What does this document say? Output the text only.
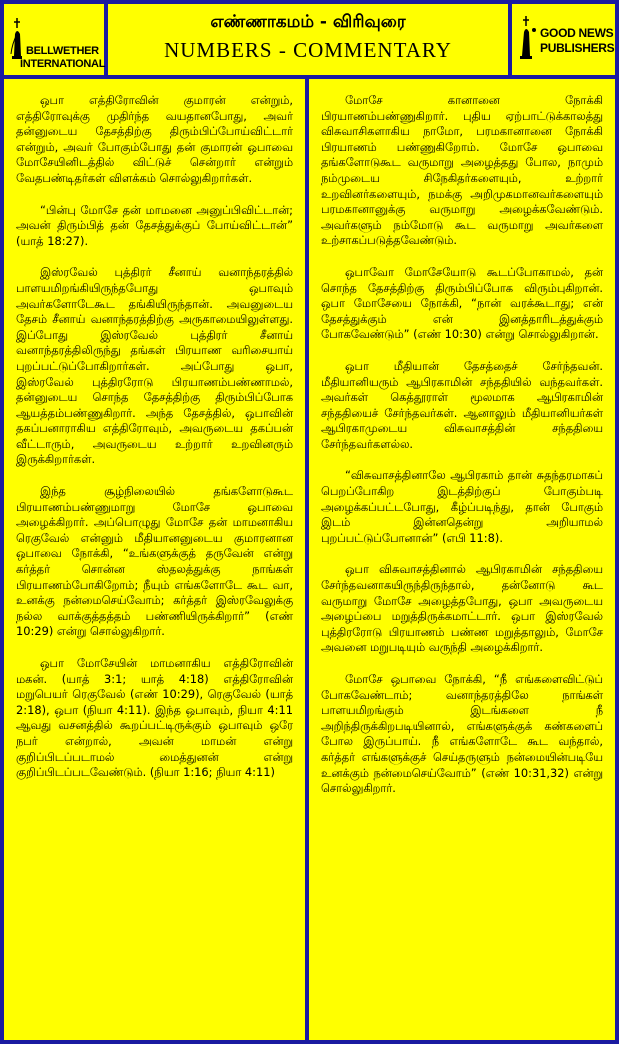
BELLWETHER
INTERNATIONAL
எண்ணாகமம் - விரிவுரை
NUMBERS - COMMENTARY
GOOD NEWS
PUBLISHERS

ஒபா எத்திரோவின் குமாரன் என்றும், எத்திரோவுக்கு முதிர்ந்த வயதானபோது, அவர் தன்னுடைய தேசத்திற்கு திரும்பிப்போய்விட்டார் என்றும், அவர் போகும்போது தன் குமாரன் ஒபாவை மோசேயினிடத்தில் விட்டுச் சென்றார் என்றும் வேதபண்டிதர்கள் விளக்கம் சொல்லுகிறார்கள்.

“பின்பு மோசே தன் மாமனை அனுப்பிவிட்டான்; அவன் திரும்பித் தன் தேசத்துக்குப் போய்விட்டான்” (யாத் 18:27).

இஸ்ரவேல் புத்திரர் சீனாய் வனாந்தரத்தில் பாளயமிறங்கியிருந்தபோது ஒபாவும் அவர்களோடேகூட தங்கியிருந்தான். அவனுடைய தேசம் சீனாய் வனாந்தரத்திற்கு அருகாமையிலுள்ளது. இப்போது இஸ்ரவேல் புத்திரர் சீனாய் வனாந்தரத்திலிருந்து தங்கள் பிரயாண வரிசையாய் புறப்பட்டுப்போகிறார்கள். அப்போது ஒபா, இஸ்ரவேல் புத்திரரோடு பிரயாணம்பண்ணாமல், தன்னுடைய சொந்த தேசத்திற்கு திரும்பிப்போக ஆயத்தம்பண்ணுகிறார். அந்த தேசத்தில், ஒபாவின் தகப்பனாராகிய எத்திரோவும், அவருடைய தகப்பன் வீட்டாரும், அவருடைய உற்றார் உறவினரும் இருக்கிறார்கள்.

இந்த சூழ்நிலையில் தங்களோடுகூட பிரயாணம்பண்ணுமாறு மோசே ஒபாவை அழைக்கிறார். அப்பொழுது மோசே தன் மாமனாகிய ரெகுவேல் என்னும் மீதியானனுடைய குமாரனான ஒபாவை நோக்கி, “உங்களுக்குத் தருவேன் என்று கர்த்தர் சொன்ன ஸ்தலத்துக்கு நாங்கள் பிரயாணம்போகிறோம்; நீயும் எங்களோடே கூட வா, உனக்கு நன்மைசெய்வோம்; கர்த்தர் இஸ்ரவேலுக்கு நல்ல வாக்குத்தத்தம் பண்ணியிருக்கிறார்” (எண் 10:29) என்று சொல்லுகிறார்.

ஒபா மோசேயின் மாமனாகிய எத்திரோவின் மகன். (யாத் 3:1; யாத் 4:18) எத்திரோவின் மறுபெயர் ரெகுவேல் (எண் 10:29), ரெகுவேல் (யாத் 2:18), ஒபா (நியா 4:11). இந்த ஒபாவும், நியா 4:11 ஆவது வசனத்தில் கூறப்பட்டிருக்கும் ஒபாவும் ஒரே நபர் என்றால், அவன் மாமன் என்று குறிப்பிடப்படாமல் மைத்துனன் என்று குறிப்பிடப்படவேண்டும். (நியா 1:16; நியா 4:11)

மோசே கானானை நோக்கி பிரயாணம்பண்ணுகிறார். புதிய ஏற்பாட்டுக்காலத்து விசுவாசிகளாகிய நாமோ, பரமகானானை நோக்கி பிரயாணம் பண்ணுகிறோம். மோசே ஒபாவை தங்களோடுகூட வருமாறு அழைத்தது போல, நாமும் நம்முடைய சிநேகிதர்களையும், உற்றார் உறவினர்களையும், நமக்கு அறிமுகமானவர்களையும் பரமகானானுக்கு வருமாறு அழைக்கவேண்டும். அவர்களும் நம்மோடு கூட வருமாறு அவர்களை உற்சாகப்படுத்தவேண்டும்.

ஒபாவோ மோசேயோடு கூடப்போகாமல், தன் சொந்த தேசத்திற்கு திரும்பிப்போக விரும்புகிறான். ஒபா மோசேயை நோக்கி, “நான் வரக்கூடாது; என் தேசத்துக்கும் என் இனத்தாரிடத்துக்கும் போகவேண்டும்” (எண் 10:30) என்று சொல்லுகிறான்.

ஒபா மீதியான் தேசத்தைச் சேர்ந்தவன். மீதியானியரும் ஆபிரகாமின் சந்ததியில் வந்தவர்கள். அவர்கள் கெத்தூராள் மூலமாக ஆபிரகாமின் சந்ததியைச் சேர்ந்தவர்கள். ஆனாலும் மீதியானியர்கள் ஆபிரகாமுடைய விசுவாசத்தின் சந்ததியை சேர்ந்தவர்களல்ல.

“விசுவாசத்தினாலே ஆபிரகாம் தான் சுதந்தரமாகப் பெறப்போகிற இடத்திற்குப் போகும்படி அழைக்கப்பட்டபோது, கீழ்ப்படிந்து, தான் போகும் இடம் இன்னதென்று அறியாமல் புறப்பட்டுப்போனான்” (எபி 11:8).

ஒபா விசுவாசத்தினால் ஆபிரகாமின் சந்ததியை சேர்ந்தவனாகயிருந்திருந்தால், தன்னோடு கூட வருமாறு மோசே அழைத்தபோது, ஒபா அவருடைய அழைப்பை மறுத்திருக்கமாட்டார். ஒபா இஸ்ரவேல் புத்திரரோடு பிரயாணம் பண்ண மறுத்தாலும், மோசே அவனை மறுபடியும் வருந்தி அழைக்கிறார்.

மோசே ஒபாவை நோக்கி, “நீ எங்களைவிட்டுப் போகவேண்டாம்; வனாந்தரத்திலே நாங்கள் பாளயமிறங்கும் இடங்களை நீ அறிந்திருக்கிறபடியினால், எங்களுக்குக் கண்களைப் போல இருப்பாய். நீ எங்களோடே கூட வந்தால், கர்த்தர் எங்களுக்குச் செய்தருளும் நன்மையின்படியே உனக்கும் நன்மைசெய்வோம்” (எண் 10:31,32) என்று சொல்லுகிறார்.
